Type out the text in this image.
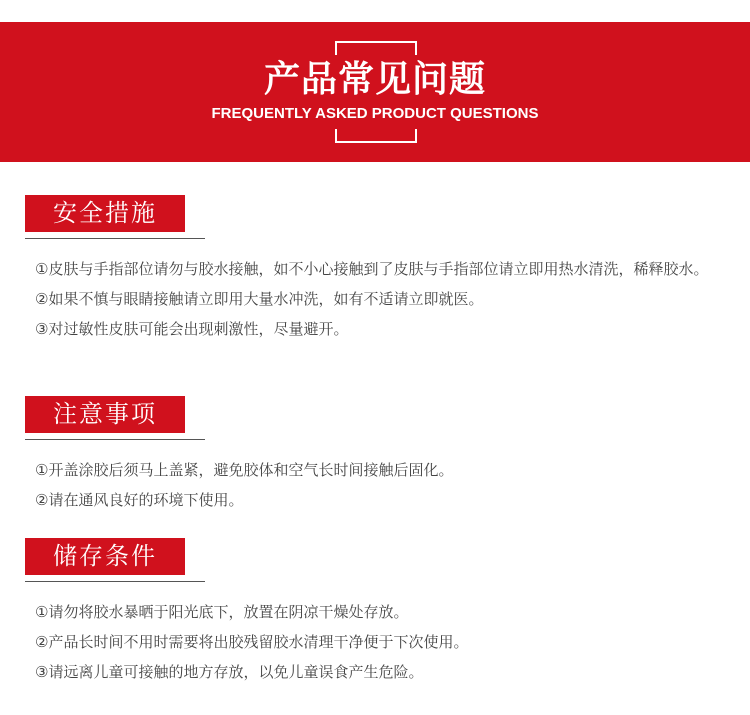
产品常见问题
FREQUENTLY ASKED PRODUCT QUESTIONS
安全措施

①皮肤与手指部位请勿与胶水接触，如不小心接触到了皮肤与手指部位请立即用热水清洗，稀释胶水。

②如果不慎与眼睛接触请立即用大量水冲洗，如有不适请立即就医。

③对过敏性皮肤可能会出现刺激性，尽量避开。

注意事项

①开盖涂胶后须马上盖紧，避免胶体和空气长时间接触后固化。

②请在通风良好的环境下使用。

储存条件

①请勿将胶水暴晒于阳光底下，放置在阴凉干燥处存放。

②产品长时间不用时需要将出胶残留胶水清理干净便于下次使用。

③请远离儿童可接触的地方存放，以免儿童误食产生危险。
